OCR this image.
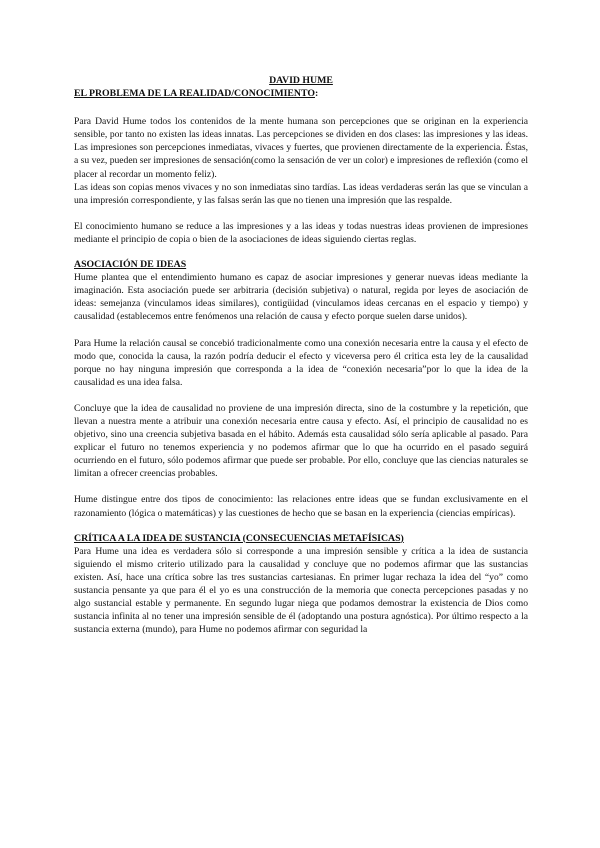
DAVID HUME
EL PROBLEMA DE LA REALIDAD/CONOCIMIENTO:

Para David Hume todos los contenidos de la mente humana son percepciones que se originan en la experiencia sensible, por tanto no existen las ideas innatas. Las percepciones se dividen en dos clases: las impresiones y las ideas. Las impresiones son percepciones inmediatas, vivaces y fuertes, que provienen directamente de la experiencia. Éstas, a su vez, pueden ser impresiones de sensación(como la sensación de ver un color) e impresiones de reflexión (como el placer al recordar un momento feliz).

Las ideas son copias menos vivaces y no son inmediatas sino tardías. Las ideas verdaderas serán las que se vinculan a una impresión correspondiente, y las falsas serán las que no tienen una impresión que las respalde.

El conocimiento humano se reduce a las impresiones y a las ideas y todas nuestras ideas provienen de impresiones mediante el principio de copia o bien de la asociaciones de ideas siguiendo ciertas reglas.

ASOCIACIÓN DE IDEAS

Hume plantea que el entendimiento humano es capaz de asociar impresiones y generar nuevas ideas mediante la imaginación. Esta asociación puede ser arbitraria (decisión subjetiva) o natural, regida por leyes de asociación de ideas: semejanza (vinculamos ideas similares), contigüidad (vinculamos ideas cercanas en el espacio y tiempo) y causalidad (establecemos entre fenómenos una relación de causa y efecto porque suelen darse unidos).

Para Hume la relación causal se concebió tradicionalmente como una conexión necesaria entre la causa y el efecto de modo que, conocida la causa, la razón podría deducir el efecto y viceversa pero él critica esta ley de la causalidad porque no hay ninguna impresión que corresponda a la idea de “conexión necesaria”por lo que la idea de la causalidad es una idea falsa.

Concluye que la idea de causalidad no proviene de una impresión directa, sino de la costumbre y la repetición, que llevan a nuestra mente a atribuir una conexión necesaria entre causa y efecto. Así, el principio de causalidad no es objetivo, sino una creencia subjetiva basada en el hábito. Además esta causalidad sólo sería aplicable al pasado. Para explicar el futuro no tenemos experiencia y no podemos afirmar que lo que ha ocurrido en el pasado seguirá ocurriendo en el futuro, sólo podemos afirmar que puede ser probable. Por ello, concluye que las ciencias naturales se limitan a ofrecer creencias probables.

Hume distingue entre dos tipos de conocimiento: las relaciones entre ideas que se fundan exclusivamente en el razonamiento (lógica o matemáticas) y las cuestiones de hecho que se basan en la experiencia (ciencias empíricas).

CRÍTICA A LA IDEA DE SUSTANCIA (CONSECUENCIAS METAFÍSICAS)

Para Hume una idea es verdadera sólo si corresponde a una impresión sensible y crítica a la idea de sustancia siguiendo el mismo criterio utilizado para la causalidad y concluye que no podemos afirmar que las sustancias existen. Así, hace una crítica sobre las tres sustancias cartesianas. En primer lugar rechaza la idea del “yo” como sustancia pensante ya que para él el yo es una construcción de la memoria que conecta percepciones pasadas y no algo sustancial estable y permanente. En segundo lugar niega que podamos demostrar la existencia de Dios como sustancia infinita al no tener una impresión sensible de él (adoptando una postura agnóstica). Por último respecto a la sustancia externa (mundo), para Hume no podemos afirmar con seguridad la
